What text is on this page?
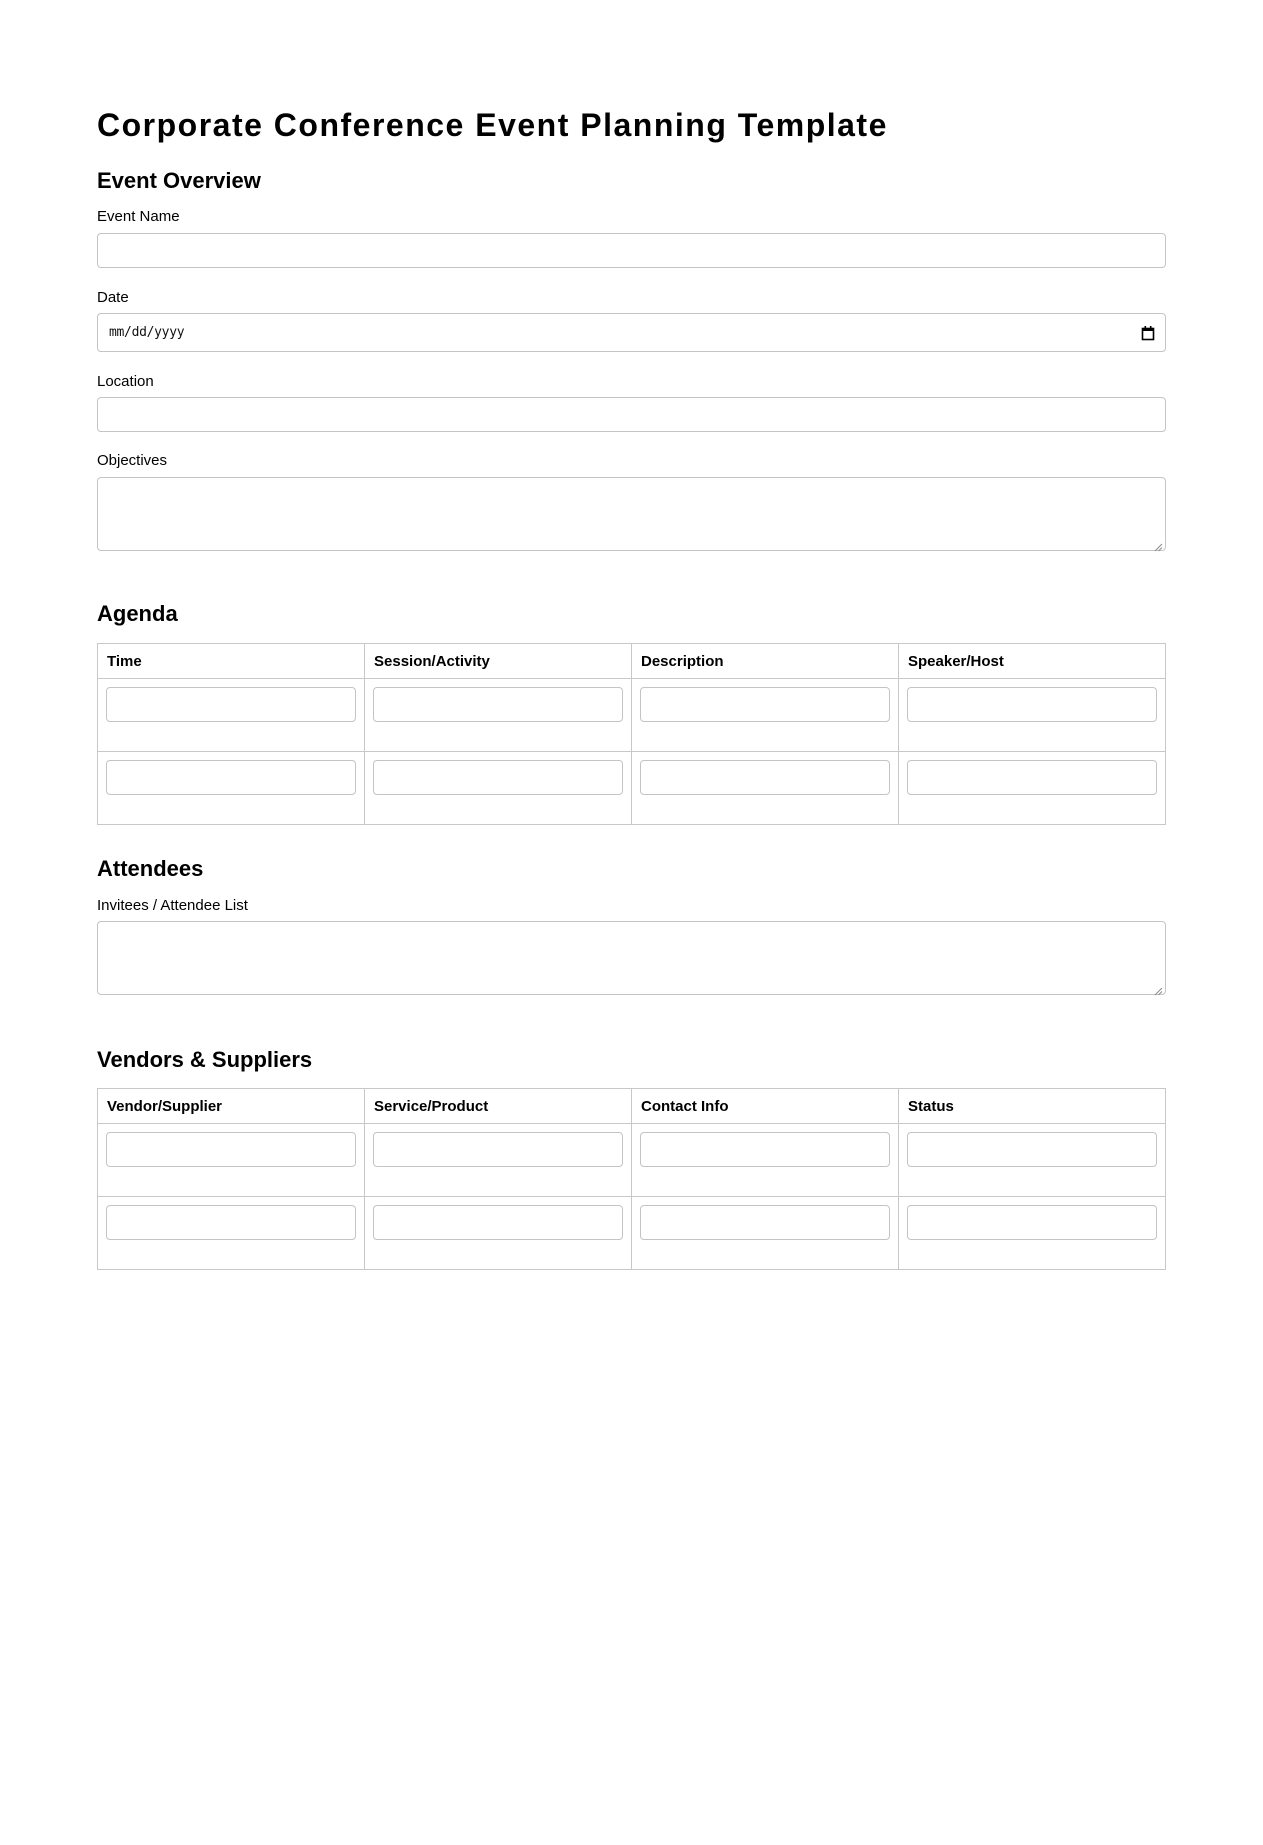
Corporate Conference Event Planning Template
Event Overview
Event Name
Date
mm/dd/yyyy
Location
Objectives
Agenda
Time	Session/Activity	Description	Speaker/Host

Attendees
Invitees / Attendee List
Vendors & Suppliers
Vendor/Supplier	Service/Product	Contact Info	Status
